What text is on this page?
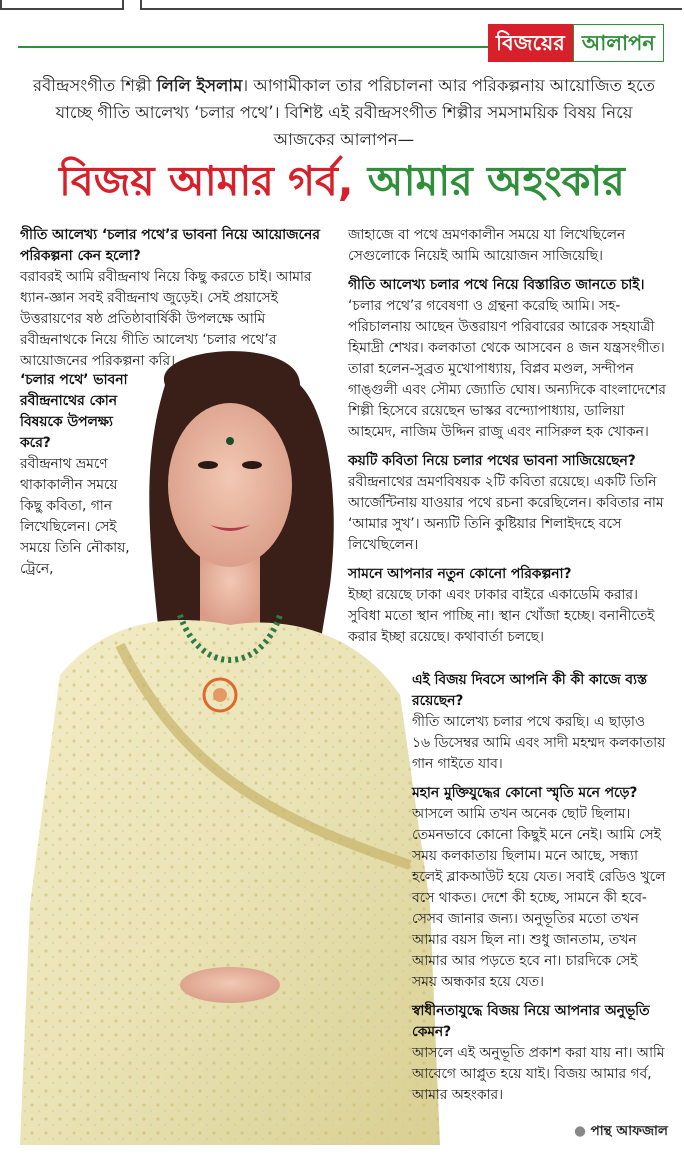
বিজয়ের আলাপন
রবীন্দ্রসংগীত শিল্পী লিলি ইসলাম। আগামীকাল তার পরিচালনা আর পরিকল্পনায় আয়োজিত হতে যাচ্ছে গীতি আলেখ্য ‘চলার পথে’। বিশিষ্ট এই রবীন্দ্রসংগীত শিল্পীর সমসাময়িক বিষয় নিয়ে আজকের আলাপন—
বিজয় আমার গর্ব, আমার অহংকার

গীতি আলেখ্য ‘চলার পথে’র ভাবনা নিয়ে আয়োজনের পরিকল্পনা কেন হলো?

বরাবরই আমি রবীন্দ্রনাথ নিয়ে কিছু করতে চাই। আমার ধ্যান-জ্ঞান সবই রবীন্দ্রনাথ জুড়েই। সেই প্রয়াসেই উত্তরায়ণের ষষ্ঠ প্রতিষ্ঠাবার্ষিকী উপলক্ষে আমি রবীন্দ্রনাথকে নিয়ে গীতি আলেখ্য ‘চলার পথে’র আয়োজনের পরিকল্পনা করি।

‘চলার পথে’ ভাবনা রবীন্দ্রনাথের কোন বিষয়কে উপলক্ষ্য করে?

রবীন্দ্রনাথ ভ্রমণে থাকাকালীন সময়ে কিছু কবিতা, গান লিখেছিলেন। সেই সময়ে তিনি নৌকায়, ট্রেনে,

জাহাজে বা পথে ভ্রমণকালীন সময়ে যা লিখেছিলেন সেগুলোকে নিয়েই আমি আয়োজন সাজিয়েছি।

গীতি আলেখ্য চলার পথে নিয়ে বিস্তারিত জানতে চাই।

‘চলার পথে’র গবেষণা ও গ্রন্থনা করেছি আমি। সহ-পরিচালনায় আছেন উত্তরায়ণ পরিবারের আরেক সহযাত্রী হিমাদ্রী শেখর। কলকাতা থেকে আসবেন ৪ জন যন্ত্রসংগীত। তারা হলেন-সুব্রত মুখোপাধ্যায়, বিপ্লব মণ্ডল, সন্দীপন গাঙ্গুলী এবং সৌম্য জ্যোতি ঘোষ। অন্যদিকে বাংলাদেশের শিল্পী হিসেবে রয়েছেন ভাস্কর বন্দ্যোপাধ্যায়, ডালিয়া আহমেদ, নাজিম উদ্দিন রাজু এবং নাসিরুল হক খোকন।

কয়টি কবিতা নিয়ে চলার পথের ভাবনা সাজিয়েছেন?

রবীন্দ্রনাথের ভ্রমণবিষয়ক ২টি কবিতা রয়েছে। একটি তিনি আর্জেন্টিনায় যাওয়ার পথে রচনা করেছিলেন। কবিতার নাম ‘আমার সুখ’। অন্যটি তিনি কুষ্টিয়ার শিলাইদহে বসে লিখেছিলেন।

সামনে আপনার নতুন কোনো পরিকল্পনা?

ইচ্ছা রয়েছে ঢাকা এবং ঢাকার বাইরে একাডেমি করার। সুবিধা মতো স্থান পাচ্ছি না। স্থান খোঁজা হচ্ছে। বনানীতেই করার ইচ্ছা রয়েছে। কথাবার্তা চলছে।

এই বিজয় দিবসে আপনি কী কী কাজে ব্যস্ত রয়েছেন?

গীতি আলেখ্য চলার পথে করছি। এ ছাড়াও ১৬ ডিসেম্বর আমি এবং সাদী মহম্মদ কলকাতায় গান গাইতে যাব।

মহান মুক্তিযুদ্ধের কোনো স্মৃতি মনে পড়ে?

আসলে আমি তখন অনেক ছোট ছিলাম। তেমনভাবে কোনো কিছুই মনে নেই। আমি সেই সময় কলকাতায় ছিলাম। মনে আছে, সন্ধ্যা হলেই ব্লাকআউট হয়ে যেত। সবাই রেডিও খুলে বসে থাকত। দেশে কী হচ্ছে, সামনে কী হবে-সেসব জানার জন্য। অনুভূতির মতো তখন আমার বয়স ছিল না। শুধু জানতাম, তখন আমার আর পড়তে হবে না। চারদিকে সেই সময় অন্ধকার হয়ে যেত।

স্বাধীনতাযুদ্ধে বিজয় নিয়ে আপনার অনুভূতি কেমন?

আসলে এই অনুভূতি প্রকাশ করা যায় না। আমি আবেগে আপ্লুত হয়ে যাই। বিজয় আমার গর্ব, আমার অহংকার।

● পান্থ আফজাল
